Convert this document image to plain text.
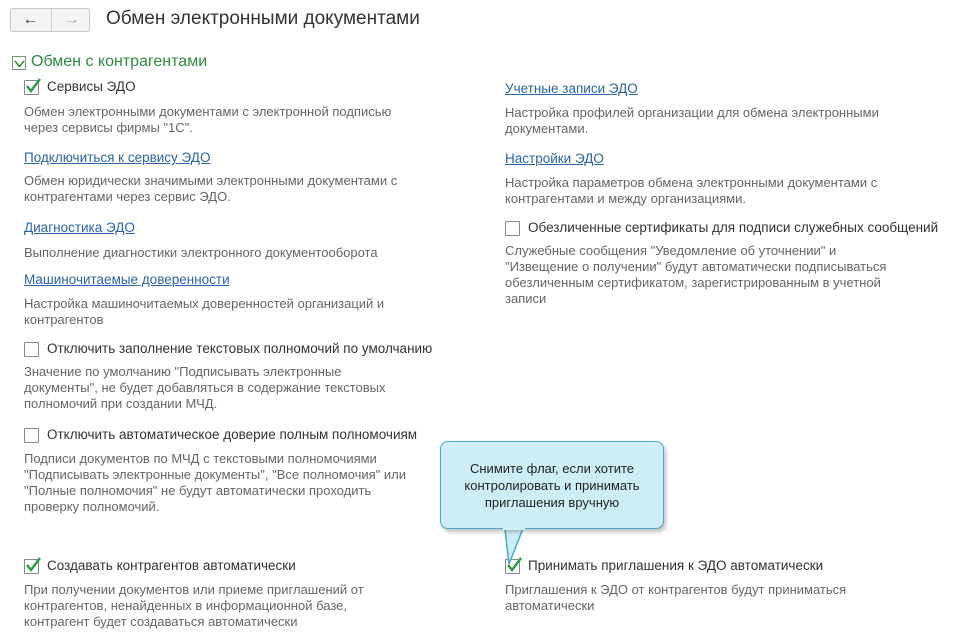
←	→	Обмен электронными документами
Обмен с контрагентами
Сервисы ЭДО
Обмен электронными документами с электронной подписью
через сервисы фирмы "1С".
Подключиться к сервису ЭДО
Обмен юридически значимыми электронными документами с
контрагентами через сервис ЭДО.
Диагностика ЭДО
Выполнение диагностики электронного документооборота
Машиночитаемые доверенности
Настройка машиночитаемых доверенностей организаций и
контрагентов
Отключить заполнение текстовых полномочий по умолчанию
Значение по умолчанию "Подписывать электронные
документы", не будет добавляться в содержание текстовых
полномочий при создании МЧД.
Отключить автоматическое доверие полным полномочиям
Подписи документов по МЧД с текстовыми полномочиями
"Подписывать электронные документы", "Все полномочия" или
"Полные полномочия" не будут автоматически проходить
проверку полномочий.
Создавать контрагентов автоматически
При получении документов или приеме приглашений от
контрагентов, ненайденных в информационной базе,
контрагент будет создаваться автоматически
Учетные записи ЭДО
Настройка профилей организации для обмена электронными
документами.
Настройки ЭДО
Настройка параметров обмена электронными документами с
контрагентами и между организациями.
Обезличенные сертификаты для подписи служебных сообщений
Служебные сообщения "Уведомление об уточнении" и
"Извещение о получении" будут автоматически подписываться
обезличенным сертификатом, зарегистрированным в учетной
записи
Принимать приглашения к ЭДО автоматически
Приглашения к ЭДО от контрагентов будут приниматься
автоматически
Снимите флаг, если хотите
контролировать и принимать
приглашения вручную
